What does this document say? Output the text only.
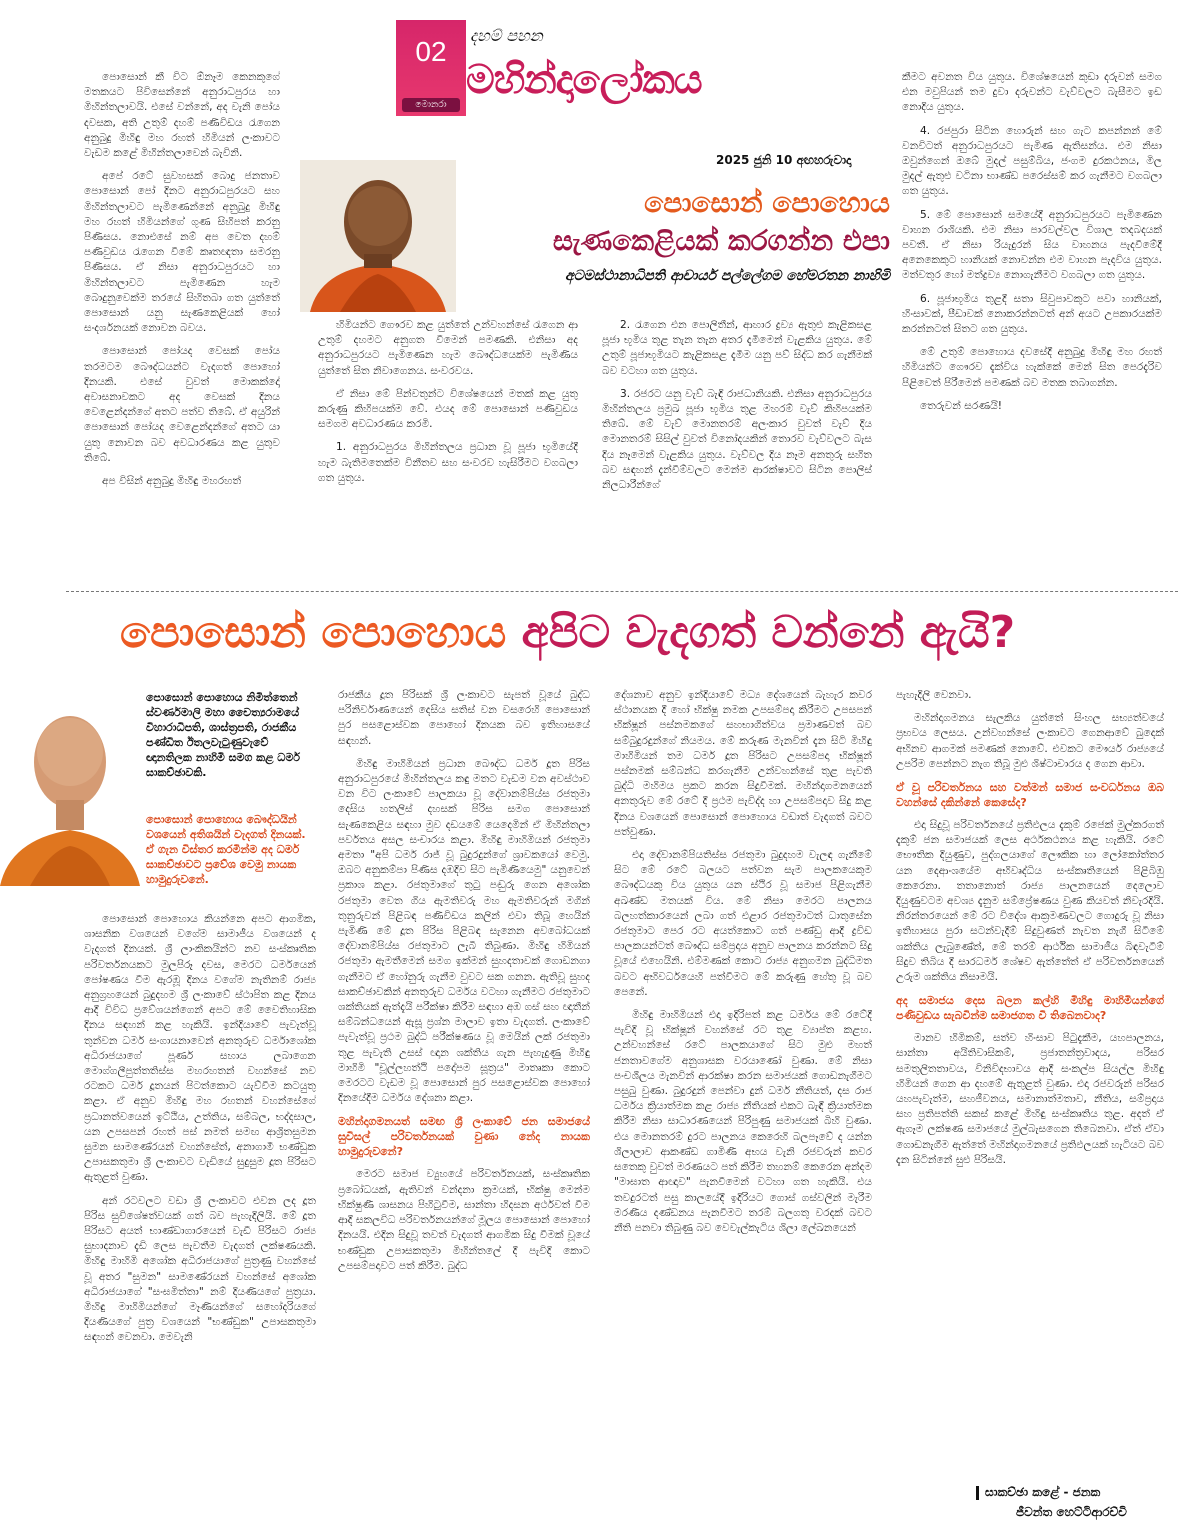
02
මොනරා
දහම් පහන
මහින්දාලෝකය
2025 ජුනි 10 අඟහරුවාදා
පොසොන් පොහොය
සැණකෙළියක් කරගන්න එපා
අටමස්ථානාධිපති ආචාර්ය පල්ලේගම හේමරතන නාහිමි

පොසොන් කී විට ඕනෑම කෙනකුගේ මතකයට පිවිසෙන්නේ අනුරාධපුරය හා මිහින්තලාවයි. එසේ වන්නේ, අද වැනි පෝය දවසක, අති උතුම් දහම් පණිවිඩය රැගෙන අනුබුදු මිහිඳු මහ රහත් හිමියන් ලංකාවට වැඩම කළේ මිහින්තලාවෙන් බැවිනි.

අපේ රටේ සුවහසක් බොදු ජනතාව පොසොන් පෝ දිනට අනුරාධපුරයට සහ මිහින්තලාවට පැමිණෙන්නේ අනුබුදු මිහිඳු මහ රහත් හිමියන්ගේ ගුණ සිහිපත් කරනු පිණිසය. නොඑසේ නම් අප වෙත දහම් පණිවුඩය රැගෙන වීමේ කෘතඥතා සමරනු පිණිසය. ඒ නිසා අනුරාධපුරයට හා මිහින්තලාවට පැමිණෙන හැම බොදුනුවෙක්ම තරයේ සිහිතබා ගත යුත්තේ පොසොන් යනු සැණකෙළියක් හෝ සංදර්ශනයක් නොවන බවය.

පොසොන් පෝයද වෙසක් පෝය තරමටම බෞද්ධයන්ට වැදගත් පොහෝ දිනයකි. එසේ වුවත් මොකක්දෝ අවාසනාවකට අද වෙසක් දිනය වෙළෙන්දන්ගේ අතට පත්ව තිබේ. ඒ අයුරින් පොසොන් පෝයද වෙළෙන්දන්ගේ අතට යා යුතු නොවන බව අවධාරණය කළ යුතුව තිබේ.

අප විසින් අනුබුදු මිහිඳු මහරහත්

හිමියන්ට ගෞරව කළ යුත්තේ උන්වහන්සේ රැගෙන ආ උතුම් දහමට අනුගත වීමෙන් පමණකි. එනිසා අද අනුරාධපුරයට පැමිණෙන හැම බෞද්ධයෙක්ම පැමිණිය යුත්තේ සිත නිවාගෙනය. සංවරවය.

ඒ නිසා මේ පින්වතුන්ට විශේෂයෙන් මතක් කළ යුතු කරුණු කිහිපයක්ම වේ. එයද මේ පොසොන් පණිවුඩය සමගම අවධාරණය කරමි.

1. අනුරාධපුරය මිහින්තලය ප්‍රධාන වූ පූජා භූමියේදී හැම බැතිමතෙක්ම විනීතව සහ සංවරව හැසිරීමට වගබලා ගත යුතුය.

2. රැගෙන එන පොලිතීන්, ආහාර ද්‍රව්‍ය ඇතුළු කැළිකසළ පූජා භූමිය තුළ තැන තැන අතර දැමීමෙන් වැළකිය යුතුය. මේ උතුම් පූජාභූමියට කැළිකසළ දැමීම යනු පව් සිද්ධ කර ගැනීමක් බව වටහා ගත යුතුය.

3. රජරට යනු වැව් බැඳි රාජධානියකි. එනිසා අනුරාධපුරය මිහින්තලය ප්‍රමුඛ පූජා භූමිය තුළ මහරම් වැව් කිහිපයක්ම තිබේ. මේ වැව් මොනතරම් අලංකාර වුවත් වැව් දිය මොනතරම් සිසිල් වුවත් විනෝදයකින් තොරව වැව්වලට බැස දිය නෑමෙන් වැළකිය යුතුය. වැව්වල දිය නෑම අනතුරු සහිත බව සඳහන් දැන්වීම්වලට මෙන්ම ආරක්ෂාවට සිටින පොලිස් නිලධාරීන්ගේ

කීමට අවනත විය යුතුය. විශේෂයෙන් කුඩා දරුවන් සමග එන මවුපියන් තම දුවා දරුවන්ට වැව්වලට බැසීමට ඉඩ නොදිය යුතුය.

4. රජපුරා සිටින හොරුන් සහ ගැට කපන්නන් මේ වනවිටත් අනුරාධපුරයට පැමිණ ඇතිසන්ය. එම නිසා ඔවුන්ගෙන් ඔබේ මුදල් පසුම්බිය, ජංගම දුරකථනය, මිල මුදල් ඇතුළු වටිනා භාණ්ඩ පරෙස්සම් කර ගැනීමට වගබලා ගත යුතුය.

5. මේ පොසොන් සමයේදී අනුරාධපුරයට පැමිණෙන වාහන රාශියකි. එම නිසා පාරවල්වල විශාල තදබදයක් පවතී. ඒ නිසා රියැදුරන් සිය වාහනය පැදවීමේදී අනෙකෙකුට හානියක් නොවන්න එම වාහන පැදවිය යුතුය. මත්වතුර හෝ මත්ද්‍රව්‍ය නොගැනීමට වගබලා ගත යුතුය.

6. පූජාභූමිය තුළදී සතා සිවුපාවකුට පවා හානියක්, හිංසාවක්, පීඩාවක් නොකරන්නටත් අන් අයට උපකාරයක්ම කරන්නටත් සිතට ගත යුතුය.

මේ උතුම් පොහොය දවසේදී අනුබුදු මිහිඳු මහ රහත් හිමියන්ට ගෞරව දැක්විය හැක්කේ මෙන් සිත පෙරදැරිව පිළිවෙත් පිරීමෙන් පමණක් බව මතක තබාගන්න.

තෙරුවන් සරණයි!

පොසොන් පොහොය අපිට වැදගත් වන්නේ ඇයි?
පොසොන් පොහොය නිමිත්තෙන් ස්වර්ණමාලි මහා චෛත්‍යරාමයේ විහාරාධිපති, ශාස්ත්‍රපති, රාජකීය පණ්ඩිත ඊතලවැටුණුවැවේ ඥානතිලක නාහිමි සමග කළ ධර්ම සාකච්ඡාවකි.
පොසොන් පොහොය බෞද්ධයින් වශයෙන් අතිශයින් වැදගත් දිනයක්. ඒ ගැන විස්තර කරමින්ම අද ධර්ම සාකච්ඡාවට ප්‍රවේශ වෙමු නායක හාමුදුරුවනේ.

පොසොන් පොහොය කියන්නෙ අපට ආගමික, ශාසනික වශයෙන් වගේම සාමාජීය වශයෙන් ද වැදගත් දිනයක්. ශ්‍රී ලාංකිකයින්ට නව සංස්කෘතික පරිවර්තනයකට මුලපිරූ දවස, මෙරට ධර්මයෙන් පෝෂණය වීම ඇරඹූ දිනය වගේම නැතිනම් රාජ්‍ය අනුග්‍රහයෙන් බුදුදහම ශ්‍රී ලංකාවේ ස්ථාපිත කළ දිනය ආදී විවිධ ප්‍රවේශයන්ගෙන් අපට මේ වෛතිහාසික දිනය සඳහන් කළ හැකියි. ඉන්දියාවේ පැවැත්වූ තුන්වන ධර්ම සංගායනාවෙන් අනතුරුව ධර්මාශෝක අධිරාජයාගේ පූර්ණ සහාය ලබාගෙන මොග්ගලීපුත්තතිස්ස මහරහතන් වහන්සේ නව රටකට ධර්ම දූතයන් පිටත්කොට යැව්වීම කටයුතු කළා. ඒ අනුව මිහිඳු මහ රහතන් වහන්සේගේ ප්‍රධානත්වයෙන් ඉට්ඨිය, උත්තිය, සම්බල, භද්දසාල, යන උපසපන් රහත් පස් නමත් සමඟ ආශ්‍රිතසුමන සුමන සාමණේරයන් වහන්සේත්, අනාගාමී භණ්ඩුක උපාසකතුමා ශ්‍රී ලංකාවට වැඩියේ සුදුසුම දූත පිරිසට ඇතුළත් වුණා.

අන් රටවලට වඩා ශ්‍රී ලංකාවට එවන ලද දූත පිරිස සුවිශේෂත්වයක් ගත් බව පැහැදිලියි. මේ දූත පිරිසට අයත් භාණ්ඩාගාරයෙන් වැඩී පිරිසට රාජ්‍ය සුභාදනාව දැඩි ලෙස පැවතීම වැදගත් ලක්ෂණයකි. මිහිඳු මාහිමි අශෝක අධිරාජයාගේ පුත්‍රණු වහන්සේ වූ අතර "සුමන" සාමණේරයන් වහන්සේ අශෝක අධිරාජයාගේ "සංඝමිත්තා" නම් දියණියගේ පුත්‍රයා. මිහිඳු මාහිමියන්ගේ මෑණියන්ගේ සහෝදරියගේ දියණියගේ පුත්‍ර වශයෙන් "භණ්ඩුක" උපාසකතුමා සඳහන් වෙනවා. මෙවැනි

රාජකීය දූත පිරිසක් ශ්‍රී ලංකාවට සැපත් වූයේ බුද්ධ පරිනිර්වාණයෙන් දෙසිය සතිස් වන වසරෙහි පොසොන් පුර පසළොස්වක පොහෝ දිනයක බව ඉතිහාසයේ සඳහන්.

මිහිඳු මාහිමියන් ප්‍රධාන බෞද්ධ ධර්ම දූත පිරිස අනුරාධපුරයේ මිහින්තලය කඳු මතට වැඩම වන අවස්ථාව වන විට ලංකාවේ පාලකයා වූ දේවානම්පිය්ස රජතුමා දෙසිය හතලිස් දහසක් පිරිස සමග පොසොන් සැණකෙළිය සඳහා මුව දඩයමේ යෙදෙමින් ඒ මිහින්තලා පර්වතය අසල සංචාරය කළා. මිහිඳු මාහිමියන් රජතුමා අමතා "අපි ධර්ම රාජ් වූ බුදුරදුන්ගේ ශ්‍රාවකයෝ වෙමු. ඔබට අනුකම්පා පිණිස දඹදිව සිට පැමිණියෙමු" යනුවෙන් ප්‍රකාශ කළා. රජතුමාගේ තුටු පඬුරු ගෙන අශෝක රජතුමා වෙත ගිය ඇමතිවරු මහ ඇමතිවරුන් මගින් තුනුරුවන් පිළිබඳ පණිවිඩය කලින් එවා තිබූ හෙයින් පැමිණි මේ දූත පිරිස පිළිබඳ සැනෙන අවබෝධයක් දේවානම්පිය්ස රජතුමාට ලැබී තිබුණා. මිහිඳු හිමියන් රජතුමා ඇමතීමෙන් සමග ඉක්මන් සුහදතාවක් ගොඩනගා ගැනීමට ඒ හෝනුරු ගැනීම වුවට සක ගනන. ඇතිවූ සුහද සාකච්ඡාවකින් අනතුරුව ධර්මය වටහා ගැනීමට රජතුමාට ශක්තියක් ඇත්දැයි පරීක්ෂා කිරීම සඳහා අඹ ගස් සහ ඥාතීන් සම්බන්ධයෙන් ඇසූ ප්‍රශ්න මාලාව ඉතා වැදගත්. ලංකාවේ පැවැත්වූ ප්‍රථම බුද්ධි පරීක්ෂණය වූ මෙයින් ලක් රජතුමා තුළ පැවැති උසස් ඥාන ශක්තිය ගැන පැහැදුණු මිහිඳු මාහිමි "චූල්ලහත්ථි පදෝපම සූත්‍රය" මාතෘකා කොට මෙරටට වැඩම වූ පොසොන් පුර පසළොස්වක පොහෝ දිනයේදීම ධර්මය දේශනා කළා.

මහින්දාගමනයත් සමඟ ශ්‍රී ලංකාවේ ජන සමාජයේ සුවිසල් පරිවර්තනයක් වුණා නේද නායක හාමුදුරුවනේ?

මෙරට සමාජ ව්‍යුහයේ පරිවර්තනයක්, සංස්කෘතික ප්‍රබෝධයක්, ඇතිවන් වන්දනා ක්‍රමයක්, භික්ෂු මෙන්ම භික්ෂුණී ශාසනය පිහිටුවීම, සාන්තා හිදසන අර්ථවත් වීම ආදී සකලවිධ පරිවර්තනයන්ගේ මූලය පොසොන් පොහෝ දිනයයි. එදින සිදුවූ තවත් වැදගත් ආගමික සිදු වීමක් වූයේ භණ්ඩුක උපාසකතුමා මිහින්තලේ දී පැවිදි කොට උපසම්පදාවට පත් කිරීම. බුද්ධ

දේශනාව අනුව ඉන්දියාවේ මධ්‍ය දේශයෙන් බැහැර කවර ස්ථානයක දී හෝ භික්ෂු නමක උපසම්පදා කිරීමට උපසපන් භික්ෂූන් පස්නමකගේ සහභාගිත්වය ප්‍රමාණවත් බව සම්බුදුරදුන්ගේ නියමය. මේ කරුණ මැනවින් දැන සිටි මිහිඳු මාහිමියන් තම ධර්ම දූත පිරිසට උපසම්පදා භික්ෂූන් පස්නමක් සම්බන්ධ කරගැනීම උන්වහන්සේ තුළ පැවති බුද්ධි මහිමය ප්‍රකට කරන සිදුවීමක්. මහින්දාගමනයෙන් අනතුරුව මේ රටේ දී ප්‍රථම පැවිද්ද හා උපසම්පදාව සිදු කළ දිනය වශයෙන් පොසොන් පොහොය වඩාත් වැදගත් බවට පත්වුණා.

එදා දේවානම්පියතිස්ස රජතුමා බුදුදහම වැලඳ ගැනීමේ සිට මේ රටේ බලයට පත්වන සැම පාලකයෙකුම බෞද්ධයකු විය යුතුය යන ස්ථිර වූ සමාජ පිළිගැනීම අඛණ්ඩ මතයක් විය. මේ නිසා මෙරට පාලනය බලහත්කාරයෙන් ලබා ගත් එළාර රජතුමාටත් ධාතුසේන රජතුමාට පෙර රට අයත්කොට ගත් පණ්ඩු ආදී ද්‍රවිඩ පාලකයන්ටත් බෞද්ධ සම්ප්‍රදාය අනුව පාලනය කරන්නට සිදු වූයේ එහෙයිනි. එම්මණක් කොට රාජ්‍ය අනුගමන බුද්ධිමත බවට අභිවර්ධයෙහි පත්වීමට මේ කරුණු හේතු වූ බව පෙනේ.

මිහිඳු මාහිමියන් එදා ඉදිරිපත් කළ ධර්මය මේ රටේදී පැවිදි වූ භික්ෂූන් වහන්සේ රට තුළ ව්‍යාප්ත කළහ. උන්වහන්සේ රටේ පාලකයාගේ සිට මුළු මහත් ජනතාවගේම අනුශාසක වරයාණෝ වුණා. මේ නිසා පංචශීලය මැනවින් ආරක්ෂා කරන සමාජයක් ගොඩනැගීමට පසුබු වුණා. බුදුරදුන් පෙන්වා දුන් ධර්ම නීතියත්, දස රාජ ධර්මය ක්‍රියාත්මක කළ රාජ්‍ය නීතියක් එකට බැඳී ක්‍රියාත්මක කිරීම නිසා සාධාරණයෙන් පිරිපුණු සමාජයක් බිහි වුණා. එය මොනතරම් දුරට පාලනය කෙරෙහි බලපෑවේ ද යන්න ශිලාලාව ආකණ්ඩ ගාමිණී අභය වැනි රජවරුන් කවර සතෙකු වුවත් මරණයට පත් කිරීම තහනම් කෙරෙන අන්දම "මාඝාත ආඥාව" පැනවීමෙන් වටහා ගත හැකියි. එය තවදුරටත් පසු කාලයේදී ඉදිරියට ගොස් ගස්වලින් මැරීම මරණීය දණ්ඩනය පැනවීමට තරම් බලගතු වරදක් බවට නීති පනවා තිබුණු බව වෙවැල්කැටිය ශිලා ලේඛනයෙන්

පැහැදිලි වෙනවා.

මහින්දාගමනය සැලකිය යුත්තේ සිංහල සභ්‍යත්වයේ ප්‍රභවය ලෙසය. උන්වහන්සේ ලංකාවට ගෙනආවේ බුදෙක් අභිනව ආගමක් පමණක් නොවේ. එවකට මෞර්ය රාජ්‍යයේ උපරිම පෙන්නට නැග තිබූ මුළු ශිෂ්ටාචාරය ද ගෙන ආවා.

ඒ වූ පරිවර්තනය සහ වත්මන් සමාජ සංවර්ධනය ඔබ වහන්සේ දකින්නේ කෙසේද?

එදා සිදුවූ පරිවර්තනයේ ප්‍රතිඵලය දැකුම් රජෙක් මුල්කරගත් දැකුම් ජන සමාජයක් ලෙස අර්ථකථනය කළ හැකියි. රටේ භෞතික දියුණුව, පුද්ගලයාගේ ලෞකික හා ලෝකෝත්තර යන දෙආංශයේම අභිවෘද්ධිය සංස්කෘතියෙන් පිළිබිඹු කෙරෙනා. තතානොත් රාජ්‍ය පාලනයෙන් දෙලොව දියුණුවටම අවශ්‍ය දැනුම සම්ප්‍රේෂණය වුණ කියවත් නිවැරදියි. නිරන්තරයෙන් මේ රට විදේශ ආක්‍රමණවලට ගොදුරු වූ නිසා ඉතිහාසය පුරා සටන්වැදීම් සිදුවුණත් නැවත නැගී සිටීමේ ශක්තිය ලැබුණේත්, මේ තරම් ආර්ථික සාමාජීය බිඳවැටීම් සිදුව තිබිය දී සාරධර්ම ශේෂව ඇත්තේත් ඒ පරිවර්තනයෙන් උරුම ශක්තිය නිසාමයි.

අද සමාජය දෙස බලන කල්හි මිහිඳු මාහිමියන්ගේ පණිවුඩය සැබවින්ම සමාජගත වී තිබෙනවාද?

මානව හිමිකම්, සත්ව හිංසාව පිටුදැකීම, යහපාලනය, සාන්තා අයිතිවාසිකම්, ප්‍රජාතන්ත්‍රවාදය, පරිසර සමතුලිතතාවය, විනිවිදභාවය ආදී සංකල්ප සියල්ල මිහිඳු හිමියන් ගෙන ආ දහමේ ඇතුළත් වුණා. එදා රජවරුන් පරිසර යහපැවැත්ම, සහජීවනය, සමානාත්මතාව, නීතිය, සම්ප්‍රදාය සහ ප්‍රතිපත්ති සකස් කළේ මිහිඳු සංස්කෘතිය තුළ. අදත් ඒ ඇගෑම ලක්ෂණ සමාජයේ මුල්බැසගෙන තිබෙනවා. ඒත් ඒවා ගොඩනැගීම ඇත්තේ මහින්දාගමනයේ ප්‍රතිඵලයක් හැටියට බව දැන සිටින්නේ සුළු පිරිසයි.

සාකච්ඡා කළේ - ජනක
ජීවන්ත හෙට්ටිආරච්චි
